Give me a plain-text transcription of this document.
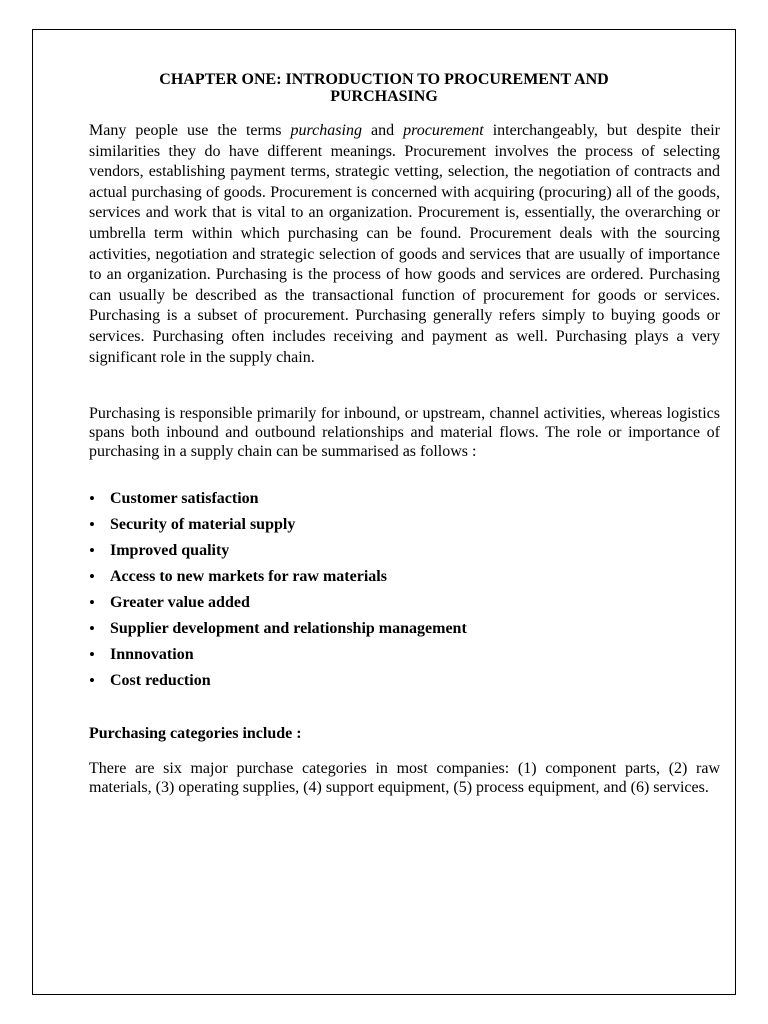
CHAPTER ONE: INTRODUCTION TO PROCUREMENT AND
PURCHASING

Many people use the terms purchasing and procurement interchangeably, but despite their similarities they do have different meanings. Procurement involves the process of selecting vendors, establishing payment terms, strategic vetting, selection, the negotiation of contracts and actual purchasing of goods. Procurement is concerned with acquiring (procuring) all of the goods, services and work that is vital to an organization. Procurement is, essentially, the overarching or umbrella term within which purchasing can be found. Procurement deals with the sourcing activities, negotiation and strategic selection of goods and services that are usually of importance to an organization. Purchasing is the process of how goods and services are ordered. Purchasing can usually be described as the transactional function of procurement for goods or services. Purchasing is a subset of procurement. Purchasing generally refers simply to buying goods or services. Purchasing often includes receiving and payment as well. Purchasing plays a very significant role in the supply chain.

Purchasing is responsible primarily for inbound, or upstream, channel activities, whereas logistics spans both inbound and outbound relationships and material flows. The role or importance of purchasing in a supply chain can be summarised as follows :

• Customer satisfaction
• Security of material supply
• Improved quality
• Access to new markets for raw materials
• Greater value added
• Supplier development and relationship management
• Innnovation
• Cost reduction
Purchasing categories include :

There are six major purchase categories in most companies: (1) component parts, (2) raw materials, (3) operating supplies, (4) support equipment, (5) process equipment, and (6) services.
